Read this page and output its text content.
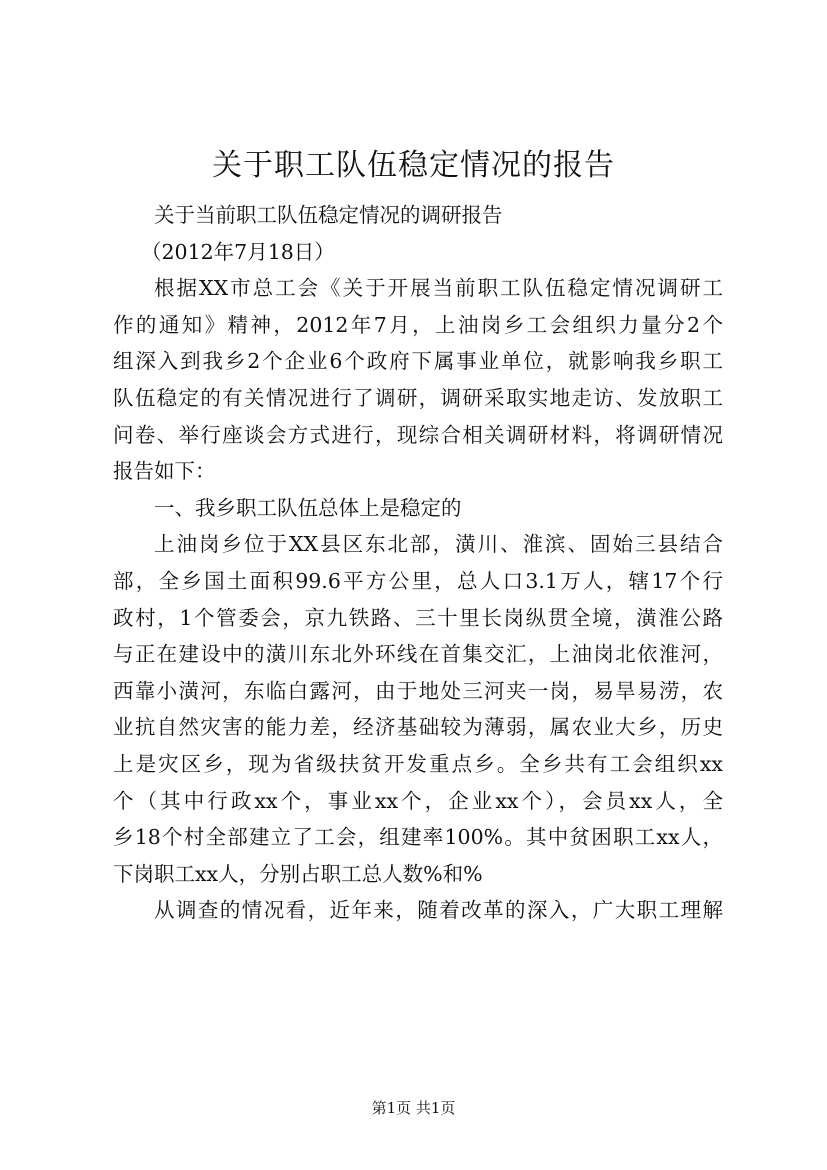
关于职工队伍稳定情况的报告
关于当前职工队伍稳定情况的调研报告
（2012年7月18日）
根据XX市总工会《关于开展当前职工队伍稳定情况调研工
作的通知》精神，2012年7月，上油岗乡工会组织力量分2个
组深入到我乡2个企业6个政府下属事业单位，就影响我乡职工
队伍稳定的有关情况进行了调研，调研采取实地走访、发放职工
问卷、举行座谈会方式进行，现综合相关调研材料，将调研情况
报告如下：
一、我乡职工队伍总体上是稳定的
上油岗乡位于XX县区东北部，潢川、淮滨、固始三县结合
部，全乡国土面积99.6平方公里，总人口3.1万人，辖17个行
政村，1个管委会，京九铁路、三十里长岗纵贯全境，潢淮公路
与正在建设中的潢川东北外环线在首集交汇，上油岗北依淮河，
西靠小潢河，东临白露河，由于地处三河夹一岗，易旱易涝，农
业抗自然灾害的能力差，经济基础较为薄弱，属农业大乡，历史
上是灾区乡，现为省级扶贫开发重点乡。全乡共有工会组织xx
个（其中行政xx个，事业xx个，企业xx个），会员xx人，全
乡18个村全部建立了工会，组建率100%。其中贫困职工xx人，
下岗职工xx人，分别占职工总人数%和%
从调查的情况看，近年来，随着改革的深入，广大职工理解
第1页 共1页
